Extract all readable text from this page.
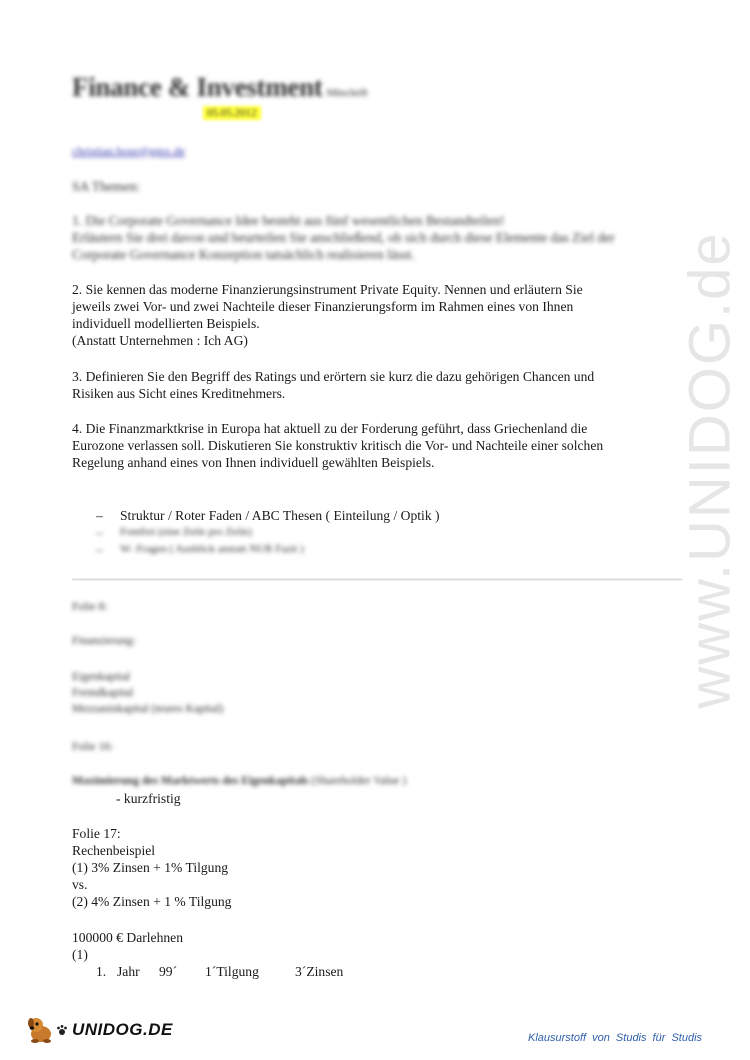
www.UNIDOG.de
Finance & Investment Mitschrift
05.05.2012
christian.hose@gmx.de
SA Themen:
1. Die Corporate Governance Idee besteht aus fünf wesentlichen Bestandteilen!
Erläutern Sie drei davon und beurteilen Sie anschließend, ob sich durch diese Elemente das Ziel der
Corporate Governance Konzeption tatsächlich realisieren lässt.
2. Sie kennen das moderne Finanzierungsinstrument Private Equity. Nennen und erläutern Sie
jeweils zwei Vor- und zwei Nachteile dieser Finanzierungsform im Rahmen eines von Ihnen
individuell modellierten Beispiels.
(Anstatt Unternehmen : Ich AG)
3. Definieren Sie den Begriff des Ratings und erörtern sie kurz die dazu gehörigen Chancen und
Risiken aus Sicht eines Kreditnehmers.
4. Die Finanzmarktkrise in Europa hat aktuell zu der Forderung geführt, dass Griechenland die
Eurozone verlassen soll. Diskutieren Sie konstruktiv kritisch die Vor- und Nachteile einer solchen
Regelung anhand eines von Ihnen individuell gewählten Beispiels.
–	Struktur / Roter Faden / ABC Thesen ( Einteilung / Optik )
–	Fomfrei (eine Zeile pro Zeile)
–	W- Fragen ( Ausblick anstatt NUR Fazit )
Folie 8:
Finanzierung:
Eigenkapital
Fremdkapital
Mezzaninkapital (teures Kapital)
Folie 16:
Maximierung des Marktwerts des Eigenkapitals (Shareholder Value )
- kurzfristig
Folie 17:
Rechenbeispiel
(1) 3% Zinsen + 1% Tilgung
vs.
(2) 4% Zinsen + 1 % Tilgung
100000 € Darlehnen
(1)
1. Jahr 99´ 1´Tilgung	3´Zinsen
UNIDOG.DE	Klausurstoff von Studis für Studis
